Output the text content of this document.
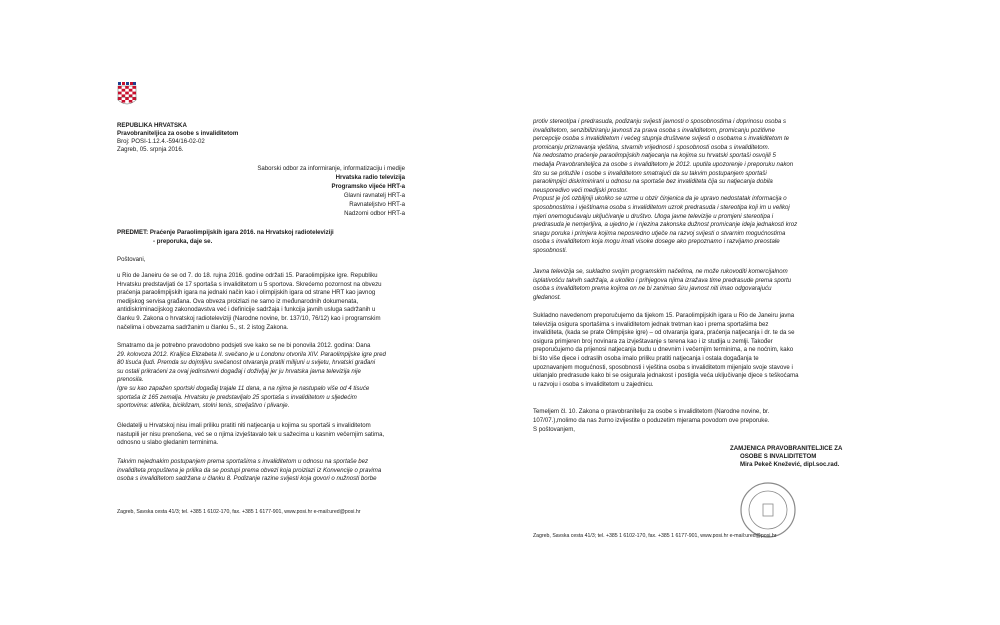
REPUBLIKA HRVATSKA
Pravobraniteljica za osobe s invaliditetom
Broj: POSI-1.12.4.-594/16-02-02
Zagreb, 05. srpnja 2016.
Saborski odbor za informiranje, informatizaciju i medije
Hrvatska radio televizija
Programsko vijeće HRT-a
Glavni ravnatelj HRT-a
Ravnateljstvo HRT-a
Nadzorni odbor HRT-a
PREDMET: Praćenje Paraolimpijskih igara 2016. na Hrvatskoj radioteleviziji
- preporuka, daje se.
Poštovani,
u Rio de Janeiru će se od 7. do 18. rujna 2016. godine održati 15. Paraolimpijske igre. Republiku
Hrvatsku predstavljati će 17 sportaša s invaliditetom u 5 sportova. Skrećemo pozornost na obvezu
praćenja paraolimpijskih igara na jednaki način kao i olimpijskih igara od strane HRT kao javnog
medijskog servisa građana. Ova obveza proizlazi ne samo iz međunarodnih dokumenata,
antidiskriminacijskog zakonodavstva već i definicije sadržaja i funkcija javnih usluga sadržanih u
članku 9. Zakona o hrvatskoj radioteleviziji (Narodne novine, br. 137/10, 76/12) kao i programskim
načelima i obvezama sadržanim u članku 5., st. 2 istog Zakona.
Smatramo da je potrebno pravodobno podsjeti sve kako se ne bi ponovila 2012. godina: Dana
29. kolovoza 2012. Kraljica Elizabeta II. svečano je u Londonu otvorila XIV. Paraolimpijske igre pred
80 tisuća ljudi. Premda su dojmljivu svečanost otvaranja pratili milijuni u svijetu, hrvatski građani
su ostali prikraćeni za ovaj jedinstveni događaj i doživljaj jer ju hrvatska javna televizija nije
prenosila.
Igre su kao zapažen sportski događaj trajale 11 dana, a na njima je nastupalo više od 4 tisuće
sportaša iz 165 zemalja. Hrvatsku je predstavljalo 25 sportaša s invaliditetom u sljedećim
sportovima: atletika, biciklizam, stolni tenis, streljaštvo i plivanje.
Gledatelji u Hrvatskoj nisu imali priliku pratiti niti natjecanja u kojima su sportaši s invaliditetom
nastupili jer nisu prenošena, već se o njima izvještavalo tek u sažecima u kasnim večernjim satima,
odnosno u slabo gledanim terminima.
Takvim nejednakim postupanjem prema sportašima s invaliditetom u odnosu na sportaše bez
invaliditeta propuštena je prilika da se postupi prema obvezi koja proizlazi iz Konvencije o pravima
osoba s invaliditetom sadržana u članku 8. Podizanje razine svijesti koja govori o nužnosti borbe
Zagreb, Savska cesta 41/3; tel. +385 1 6102-170, fax. +385 1 6177-901, www.posi.hr e-mail:ured@posi.hr
protiv stereotipa i predrasuda, podizanju svijesti javnosti o sposobnostima i doprinosu osoba s
invaliditetom, senzibiliziranju javnosti za prava osoba s invaliditetom, promicanju pozitivne
percepcije osoba s invaliditetom i većeg stupnja društvene svijesti o osobama s invaliditetom te
promicanju priznavanja vještina, stvarnih vrijednosti i sposobnosti osoba s invaliditetom.
Na nedostatno praćenje paraolimpijskih natjecanja na kojima su hrvatski sportaši osvojili 5
medalja Pravobraniteljica za osobe s invaliditetom je 2012. uputila upozorenje i preporuku nakon
što su se pritužile i osobe s invaliditetom smatrajući da su takvim postupanjem sportaši
paraolimpijci diskriminirani u odnosu na sportaše bez invaliditeta čija su natjecanja dobila
neusporedivo veći medijski prostor.
Propust je još ozbiljniji ukoliko se uzme u obzir činjenica da je upravo nedostatak informacija o
sposobnostima i vještinama osoba s invaliditetom uzrok predrasuda i stereotipa koji im u velikoj
mjeri onemogućavaju uključivanje u društvo. Uloga javne televizije u promjeni stereotipa i
predrasuda je nemjerljiva, a ujedno je i njezina zakonska dužnost promicanje ideja jednakosti kroz
snagu poruka i primjera kojima neposredno utječe na razvoj svijesti o stvarnim mogućnostima
osoba s invaliditetom koja mogu imati visoke dosege ako prepoznamo i razvijamo preostale
sposobnosti.
Javna televizija se, sukladno svojim programskim načelima, ne može rukovoditi komercijalnom
isplativošću takvih sadržaja, a ukoliko i prihjegova njima izražava time predrasude prema sportu
osoba s invaliditetom prema kojima on ne bi zanimao širu javnost niti imao odgovarajuću
gledanost.
Sukladno navedenom preporučujemo da tijekom 15. Paraolimpijskih igara u Rio de Janeiru javna
televizija osigura sportašima s invaliditetom jednak tretman kao i prema sportašima bez
invaliditeta, (kada se prate Olimpijske igre) – od otvaranja igara, praćenja natjecanja i dr. te da se
osigura primjeren broj novinara za izvještavanje s terena kao i iz studija u zemlji. Također
preporučujemo da prijenosi natjecanja budu u dnevnim i večernjim terminima, a ne noćnim, kako
bi što više djece i odraslih osoba imalo priliku pratiti natjecanja i ostala događanja te
upoznavanjem mogućnosti, sposobnosti i vještina osoba s invaliditetom mijenjalo svoje stavove i
uklanjalo predrasude kako bi se osigurala jednakost i postigla veća uključivanje djece s teškoćama
u razvoju i osoba s invaliditetom u zajednicu.
Temeljem čl. 10. Zakona o pravobranitelju za osobe s invaliditetom (Narodne novine, br.
107/07.),molimo da nas žurno izvijestite o poduzetim mjerama povodom ove preporuke.
S poštovanjem,
ZAMJENICA PRAVOBRANITELJICE ZA
OSOBE S INVALIDITETOM
Mira Pekeč Knežević, dipl.soc.rad.
Zagreb, Savska cesta 41/3; tel. +385 1 6102-170, fax. +385 1 6177-901, www.posi.hr e-mail:ured@posi.hr
